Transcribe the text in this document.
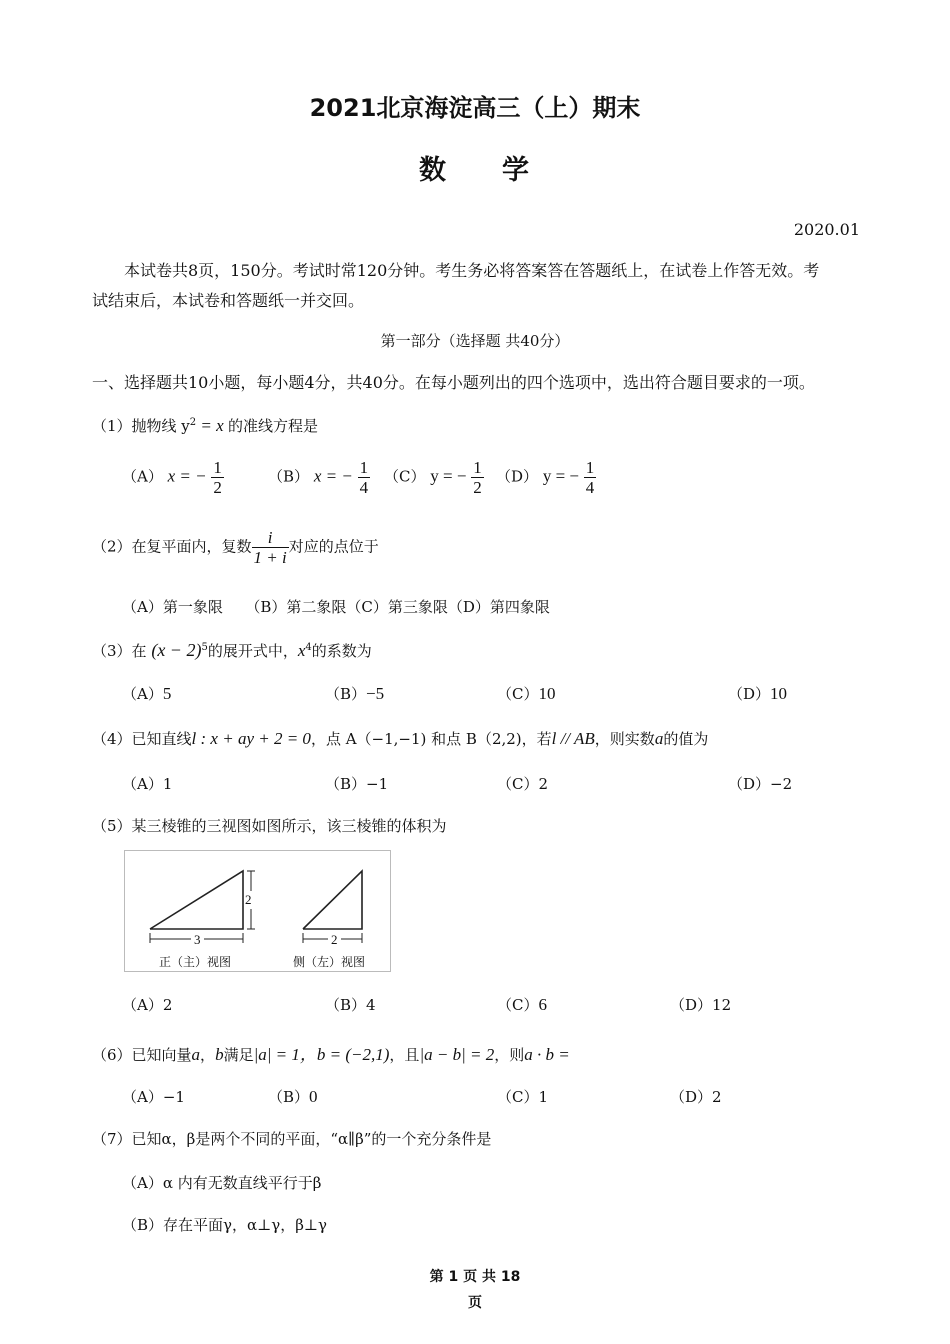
2021北京海淀高三（上）期末
数学
2020.01
本试卷共8页，150分。考试时常120分钟。考生务必将答案答在答题纸上，在试卷上作答无效。考
试结束后，本试卷和答题纸一并交回。
第一部分（选择题 共40分）
一、选择题共10小题，每小题4分，共40分。在每小题列出的四个选项中，选出符合题目要求的一项。
（1）抛物线 $y^2 = x$ 的准线方程是
（A） x = − $\frac{1}{2}$	（B） x = − $\frac{1}{4} (C) y$ = − $\frac{1}{2} (D) y$ = − $\frac{1}{4}$
（2）在复平面内，复数 $\frac{i}{1 + i}$ 对应的点位于
（A）第一象限　　（B）第二象限（C）第三象限（D）第四象限
（3）在 $(x - 2)^5$的展开式中，$x^4$的系数为
（A）5	（B）−5	（C）10	（D）10
（4）已知直线l : x + ay + 2 = 0，点 A（−1,−1) 和点 B（2,2)，若l // AB，则实数a的值为
（A）1	（B）−1	（C）2	（D）−2
（5）某三棱锥的三视图如图所示，该三棱锥的体积为
3
2
2
正（主）视图	侧（左）视图
（A）2	（B）4	（C）6	（D）12
（6）已知向量a，b满足|a| = 1，b = (−2,1)，且|a − b| = 2，则a · b =
（A）−1	（B）0	（C）1	（D）2
（7）已知α，β是两个不同的平面，“α∥β”的一个充分条件是
（A）α 内有无数直线平行于β
（B）存在平面γ，α⊥γ，β⊥γ
第 1 页 共 18
页
